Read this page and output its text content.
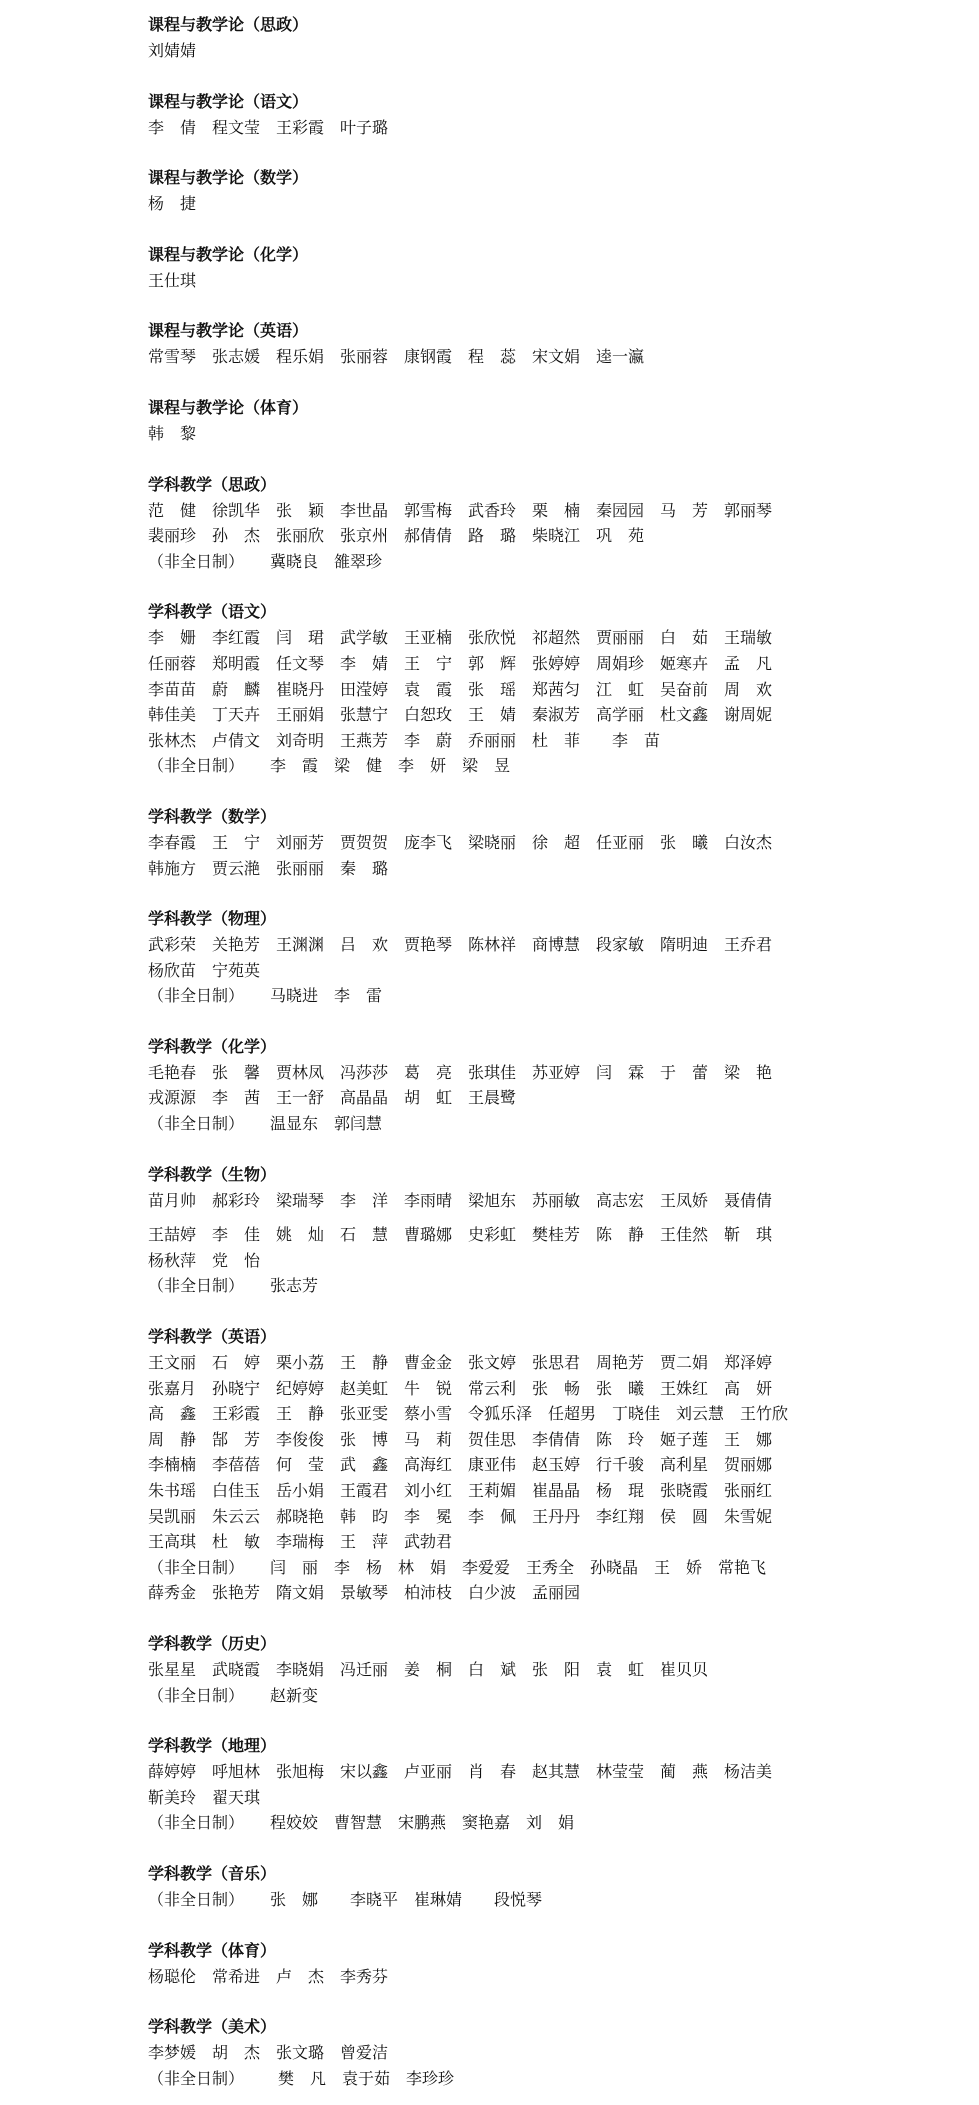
课程与教学论（思政）
刘婧婧
课程与教学论（语文）
李　倩　程文莹　王彩霞　叶子璐
课程与教学论（数学）
杨　捷
课程与教学论（化学）
王仕琪
课程与教学论（英语）
常雪琴　张志媛　程乐娟　张丽蓉　康钢霞　程　蕊　宋文娟　逵一瀛
课程与教学论（体育）
韩　黎
学科教学（思政）
范　健　徐凯华　张　颖　李世晶　郭雪梅　武香玲　栗　楠　秦园园　马　芳　郭丽琴
裴丽珍　孙　杰　张丽欣　张京州　郝倩倩　路　璐　柴晓江　巩　苑
（非全日制） 冀晓良　雒翠珍
学科教学（语文）
李　姗　李红霞　闫　珺　武学敏　王亚楠　张欣悦　祁超然　贾丽丽　白　茹　王瑞敏
任丽蓉　郑明霞　任文琴　李　婧　王　宁　郭　辉　张婷婷　周娟珍　姬寒卉　孟　凡
李苗苗　蔚　麟　崔晓丹　田滢婷　袁　霞　张　瑶　郑茜匀　江　虹　吴奋前　周　欢
韩佳美　丁天卉　王丽娟　张慧宁　白恕玫　王　婧　秦淑芳　高学丽　杜文鑫　谢周妮
张林杰　卢倩文　刘奇明　王燕芳　李　蔚　乔丽丽　杜　菲　　李　苗
（非全日制） 李　霞　梁　健　李　妍　梁　昱
学科教学（数学）
李春霞　王　宁　刘丽芳　贾贺贺　庞李飞　梁晓丽　徐　超　任亚丽　张　曦　白汝杰
韩施方　贾云滟　张丽丽　秦　璐
学科教学（物理）
武彩荣　关艳芳　王渊渊　吕　欢　贾艳琴　陈林祥　商博慧　段家敏　隋明迪　王乔君
杨欣苗　宁苑英
（非全日制） 马晓进　李　雷
学科教学（化学）
毛艳春　张　馨　贾林凤　冯莎莎　葛　亮　张琪佳　苏亚婷　闫　霖　于　蕾　梁　艳
戎源源　李　茜　王一舒　高晶晶　胡　虹　王晨鹭
（非全日制） 温显东　郭闫慧
学科教学（生物）
苗月帅　郝彩玲　梁瑞琴　李　洋　李雨晴　梁旭东　苏丽敏　高志宏　王凤娇　聂倩倩
王喆婷　李　佳　姚　灿　石　慧　曹璐娜　史彩虹　樊桂芳　陈　静　王佳然　靳　琪
杨秋萍　党　怡
（非全日制） 张志芳
学科教学（英语）
王文丽　石　婷　栗小荔　王　静　曹金金　张文婷　张思君　周艳芳　贾二娟　郑泽婷
张嘉月　孙晓宁　纪婷婷　赵美虹　牛　锐　常云利　张　畅　张　曦　王姝红　高　妍
高　鑫　王彩霞　王　静　张亚雯　蔡小雪　令狐乐泽　任超男　丁晓佳　刘云慧　王竹欣
周　静　郜　芳　李俊俊　张　博　马　莉　贺佳思　李倩倩　陈　玲　姬子莲　王　娜
李楠楠　李蓓蓓　何　莹　武　鑫　高海红　康亚伟　赵玉婷　行千骏　高利星　贺丽娜
朱书瑶　白佳玉　岳小娟　王霞君　刘小红　王莉媚　崔晶晶　杨　琨　张晓霞　张丽红
吴凯丽　朱云云　郝晓艳　韩　昀　李　冕　李　佩　王丹丹　李红翔　侯　圆　朱雪妮
王高琪　杜　敏　李瑞梅　王　萍　武勃君
（非全日制） 闫　丽　李　杨　林　娟　李爱爱　王秀全　孙晓晶　王　娇　常艳飞
薛秀金　张艳芳　隋文娟　景敏琴　柏沛枝　白少波　孟丽园
学科教学（历史）
张星星　武晓霞　李晓娟　冯迁丽　姜　桐　白　斌　张　阳　袁　虹　崔贝贝
（非全日制） 赵新变
学科教学（地理）
薛婷婷　呼旭林　张旭梅　宋以鑫　卢亚丽　肖　春　赵其慧　林莹莹　蔺　燕　杨洁美
靳美玲　翟天琪
（非全日制） 程姣姣　曹智慧　宋鹏燕　窦艳嘉　刘　娟
学科教学（音乐）
（非全日制） 张　娜　　李晓平　崔琳婧　　段悦琴
学科教学（体育）
杨聪伦　常希进　卢　杰　李秀芬
学科教学（美术）
李梦媛　胡　杰　张文璐　曾爱洁
（非全日制） 樊　凡　袁于茹　李珍珍
